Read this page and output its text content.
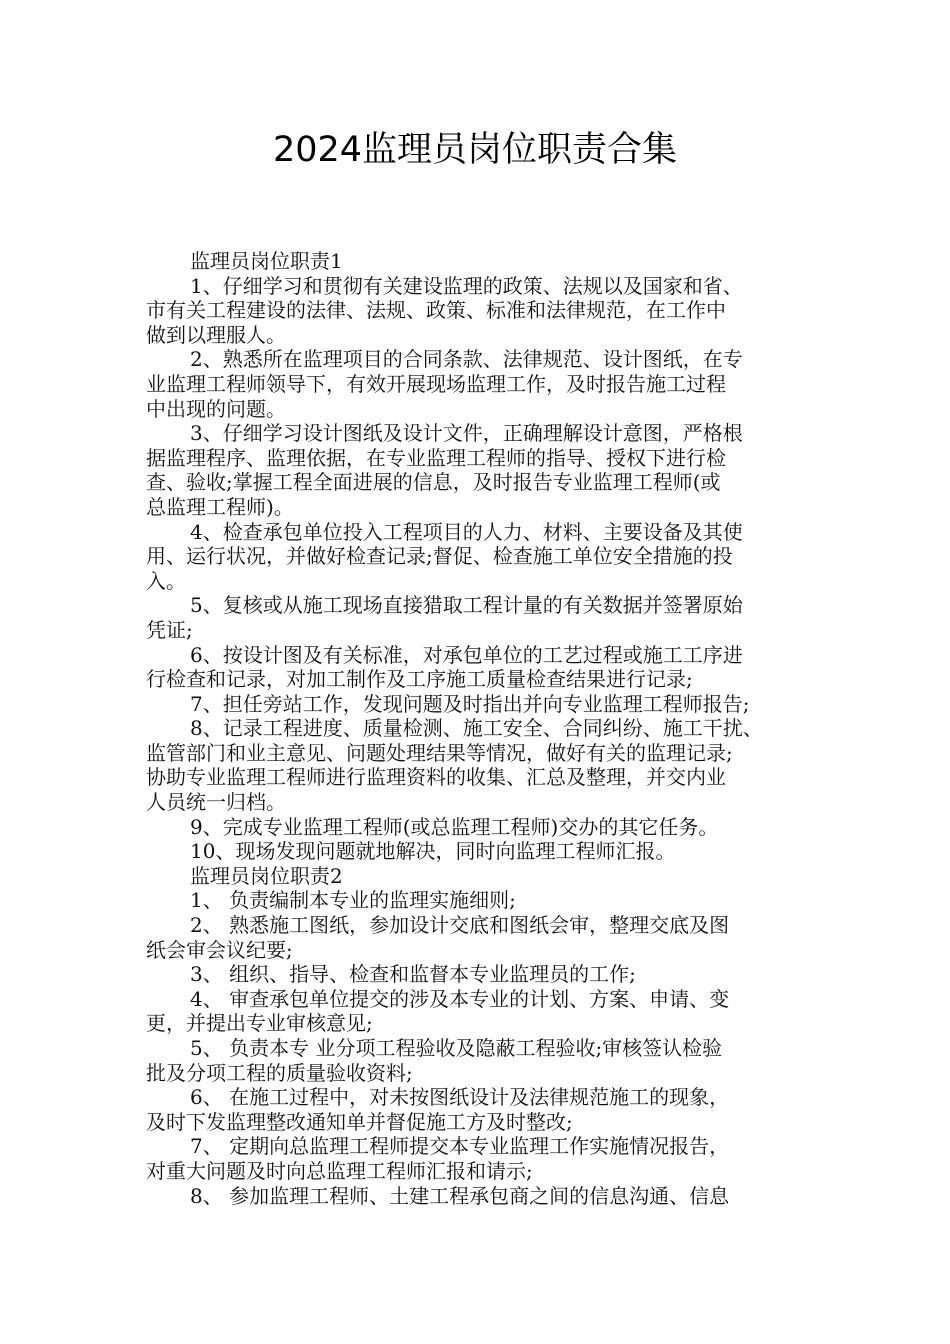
2024监理员岗位职责合集
监理员岗位职责1
1、仔细学习和贯彻有关建设监理的政策、法规以及国家和省、
市有关工程建设的法律、法规、政策、标准和法律规范，在工作中
做到以理服人。
2、熟悉所在监理项目的合同条款、法律规范、设计图纸，在专
业监理工程师领导下，有效开展现场监理工作，及时报告施工过程
中出现的问题。
3、仔细学习设计图纸及设计文件，正确理解设计意图，严格根
据监理程序、监理依据，在专业监理工程师的指导、授权下进行检
查、验收;掌握工程全面进展的信息，及时报告专业监理工程师(或
总监理工程师)。
4、检查承包单位投入工程项目的人力、材料、主要设备及其使
用、运行状况，并做好检查记录;督促、检查施工单位安全措施的投
入。
5、复核或从施工现场直接猎取工程计量的有关数据并签署原始
凭证;
6、按设计图及有关标准，对承包单位的工艺过程或施工工序进
行检查和记录，对加工制作及工序施工质量检查结果进行记录;
7、担任旁站工作，发现问题及时指出并向专业监理工程师报告;
8、记录工程进度、质量检测、施工安全、合同纠纷、施工干扰、
监管部门和业主意见、问题处理结果等情况，做好有关的监理记录;
协助专业监理工程师进行监理资料的收集、汇总及整理，并交内业
人员统一归档。
9、完成专业监理工程师(或总监理工程师)交办的其它任务。
10、现场发现问题就地解决，同时向监理工程师汇报。
监理员岗位职责2
1、 负责编制本专业的监理实施细则;
2、 熟悉施工图纸，参加设计交底和图纸会审，整理交底及图
纸会审会议纪要;
3、 组织、指导、检查和监督本专业监理员的工作;
4、 审查承包单位提交的涉及本专业的计划、方案、申请、变
更，并提出专业审核意见;
5、 负责本专 业分项工程验收及隐蔽工程验收;审核签认检验
批及分项工程的质量验收资料;
6、 在施工过程中，对未按图纸设计及法律规范施工的现象，
及时下发监理整改通知单并督促施工方及时整改;
7、 定期向总监理工程师提交本专业监理工作实施情况报告，
对重大问题及时向总监理工程师汇报和请示;
8、 参加监理工程师、土建工程承包商之间的信息沟通、信息
